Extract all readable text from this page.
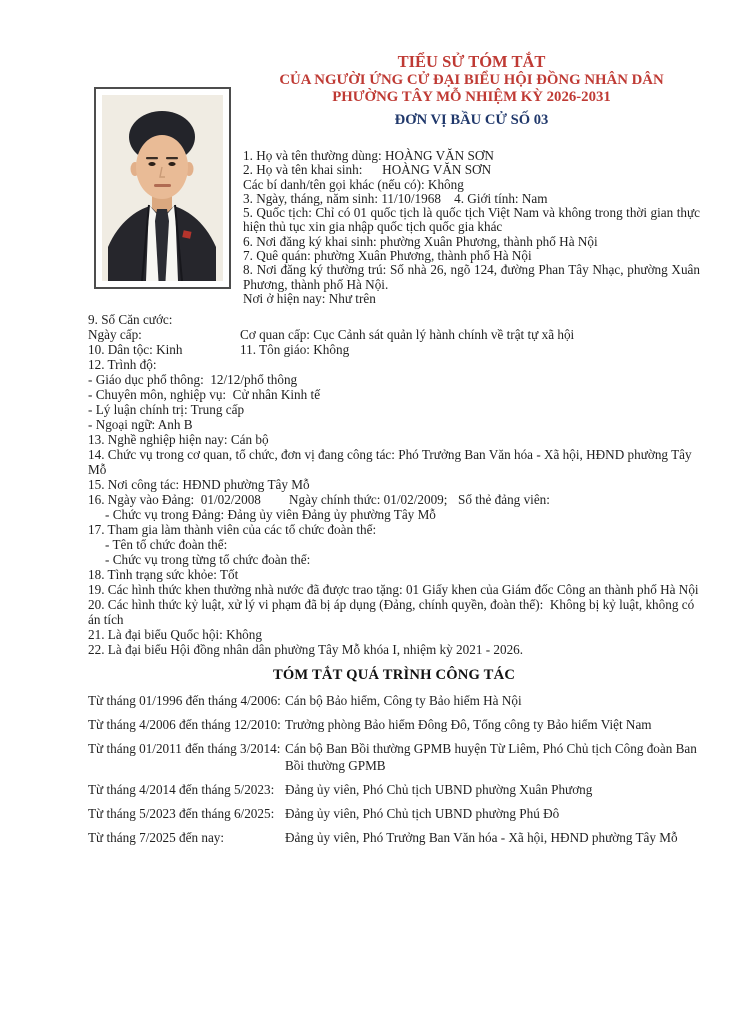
TIỂU SỬ TÓM TẮT
CỦA NGƯỜI ỨNG CỬ ĐẠI BIỂU HỘI ĐỒNG NHÂN DÂN
PHƯỜNG TÂY MỖ NHIỆM KỲ 2026-2031
ĐƠN VỊ BẦU CỬ SỐ 03
1. Họ và tên thường dùng: HOÀNG VĂN SƠN
2. Họ và tên khai sinh:      HOÀNG VĂN SƠN
Các bí danh/tên gọi khác (nếu có): Không
3. Ngày, tháng, năm sinh: 11/10/1968    4. Giới tính: Nam
5. Quốc tịch: Chỉ có 01 quốc tịch là quốc tịch Việt Nam và không trong thời gian thực hiện thủ tục xin gia nhập quốc tịch quốc gia khác
6. Nơi đăng ký khai sinh: phường Xuân Phương, thành phố Hà Nội
7. Quê quán: phường Xuân Phương, thành phố Hà Nội
8. Nơi đăng ký thường trú: Số nhà 26, ngõ 124, đường Phan Tây Nhạc, phường Xuân Phương, thành phố Hà Nội.
Nơi ở hiện nay: Như trên
9. Số Căn cước:
Ngày cấp:	Cơ quan cấp: Cục Cảnh sát quản lý hành chính về trật tự xã hội
10. Dân tộc: Kinh	11. Tôn giáo: Không
12. Trình độ:
- Giáo dục phổ thông:  12/12/phổ thông
- Chuyên môn, nghiệp vụ:  Cử nhân Kinh tế
- Lý luận chính trị: Trung cấp
- Ngoại ngữ: Anh B
13. Nghề nghiệp hiện nay: Cán bộ
14. Chức vụ trong cơ quan, tổ chức, đơn vị đang công tác: Phó Trưởng Ban Văn hóa - Xã hội, HĐND phường Tây Mỗ
15. Nơi công tác: HĐND phường Tây Mỗ
16. Ngày vào Đảng:  01/02/2008	Ngày chính thức: 01/02/2009; Số thẻ đảng viên:
- Chức vụ trong Đảng: Đảng ủy viên Đảng ủy phường Tây Mỗ
17. Tham gia làm thành viên của các tổ chức đoàn thể:
- Tên tổ chức đoàn thể:
- Chức vụ trong từng tổ chức đoàn thể:
18. Tình trạng sức khỏe: Tốt
19. Các hình thức khen thưởng nhà nước đã được trao tặng: 01 Giấy khen của Giám đốc Công an thành phố Hà Nội
20. Các hình thức kỷ luật, xử lý vi phạm đã bị áp dụng (Đảng, chính quyền, đoàn thể):  Không bị kỷ luật, không có án tích
21. Là đại biểu Quốc hội: Không
22. Là đại biểu Hội đồng nhân dân phường Tây Mỗ khóa I, nhiệm kỳ 2021 - 2026.
TÓM TẮT QUÁ TRÌNH CÔNG TÁC
Từ tháng 01/1996 đến tháng 4/2006: Cán bộ Bảo hiểm, Công ty Bảo hiểm Hà Nội
Từ tháng 4/2006 đến tháng 12/2010: Trưởng phòng Bảo hiểm Đông Đô, Tổng công ty Bảo hiểm Việt Nam
Từ tháng 01/2011 đến tháng 3/2014: Cán bộ Ban Bồi thường GPMB huyện Từ Liêm, Phó Chủ tịch Công đoàn Ban Bồi thường GPMB
Từ tháng 4/2014 đến tháng 5/2023: Đảng ủy viên, Phó Chủ tịch UBND phường Xuân Phương
Từ tháng 5/2023 đến tháng 6/2025: Đảng ủy viên, Phó Chủ tịch UBND phường Phú Đô
Từ tháng 7/2025 đến nay:	Đảng ủy viên, Phó Trưởng Ban Văn hóa - Xã hội, HĐND phường Tây Mỗ
